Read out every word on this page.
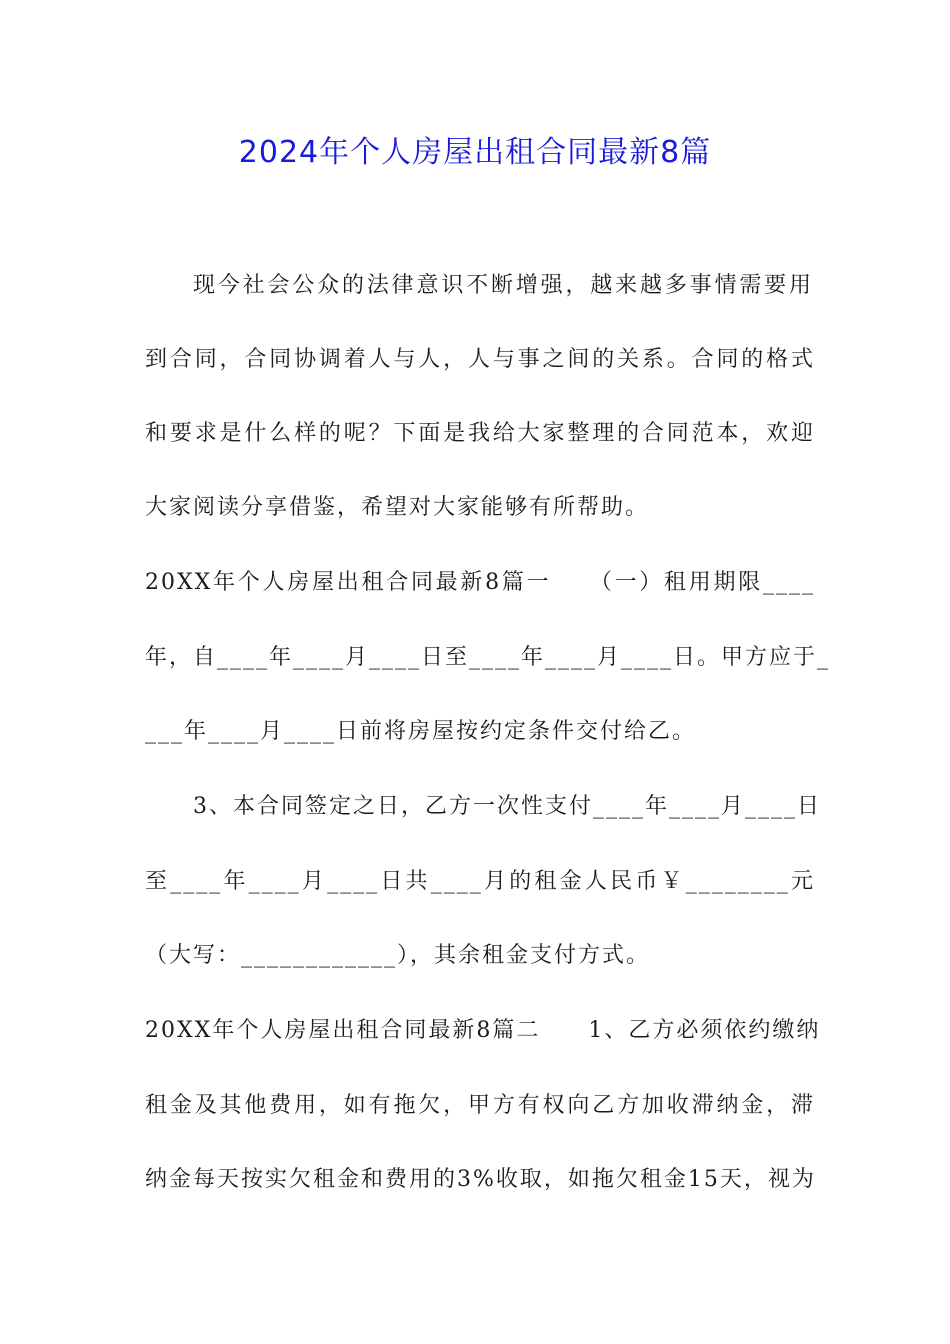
2024年个人房屋出租合同最新8篇
现今社会公众的法律意识不断增强，越来越多事情需要用
到合同，合同协调着人与人，人与事之间的关系。合同的格式
和要求是什么样的呢？下面是我给大家整理的合同范本，欢迎
大家阅读分享借鉴，希望对大家能够有所帮助。
20XX年个人房屋出租合同最新8篇一　　（一）租用期限____
年，自____年____月____日至____年____月____日。甲方应于_
___年____月____日前将房屋按约定条件交付给乙。
3、本合同签定之日，乙方一次性支付____年____月____日
至____年____月____日共____月的租金人民币￥________元
（大写：____________），其余租金支付方式。
20XX年个人房屋出租合同最新8篇二　　1、乙方必须依约缴纳
租金及其他费用，如有拖欠，甲方有权向乙方加收滞纳金，滞
纳金每天按实欠租金和费用的3%收取，如拖欠租金15天，视为
